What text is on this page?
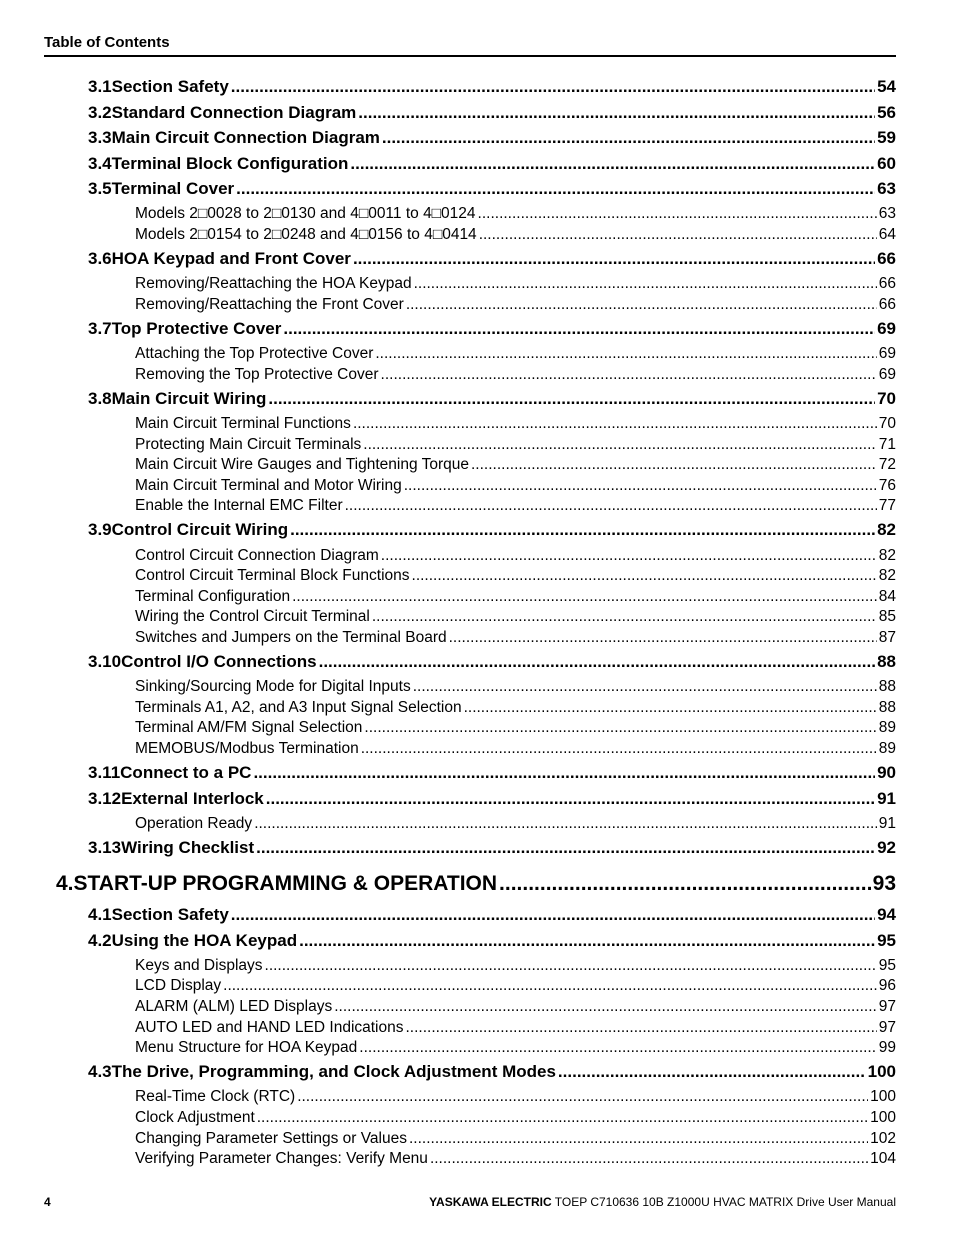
Table of Contents
3.1 Section Safety .....	54
3.2 Standard Connection Diagram .....	56
3.3 Main Circuit Connection Diagram .....	59
3.4 Terminal Block Configuration .....	60
3.5 Terminal Cover .....	63
Models 2□0028 to 2□0130 and 4□0011 to 4□0124 .....	63
Models 2□0154 to 2□0248 and 4□0156 to 4□0414 .....	64
3.6 HOA Keypad and Front Cover .....	66
Removing/Reattaching the HOA Keypad .....	66
Removing/Reattaching the Front Cover .....	66
3.7 Top Protective Cover .....	69
Attaching the Top Protective Cover .....	69
Removing the Top Protective Cover .....	69
3.8 Main Circuit Wiring .....	70
Main Circuit Terminal Functions .....	70
Protecting Main Circuit Terminals .....	71
Main Circuit Wire Gauges and Tightening Torque .....	72
Main Circuit Terminal and Motor Wiring .....	76
Enable the Internal EMC Filter .....	77
3.9 Control Circuit Wiring .....	82
Control Circuit Connection Diagram .....	82
Control Circuit Terminal Block Functions .....	82
Terminal Configuration .....	84
Wiring the Control Circuit Terminal .....	85
Switches and Jumpers on the Terminal Board .....	87
3.10 Control I/O Connections .....	88
Sinking/Sourcing Mode for Digital Inputs .....	88
Terminals A1, A2, and A3 Input Signal Selection .....	88
Terminal AM/FM Signal Selection .....	89
MEMOBUS/Modbus Termination .....	89
3.11 Connect to a PC .....	90
3.12 External Interlock .....	91
Operation Ready .....	91
3.13 Wiring Checklist .....	92
4. START-UP PROGRAMMING & OPERATION .....	93
4.1 Section Safety .....	94
4.2 Using the HOA Keypad .....	95
Keys and Displays .....	95
LCD Display .....	96
ALARM (ALM) LED Displays .....	97
AUTO LED and HAND LED Indications .....	97
Menu Structure for HOA Keypad .....	99
4.3 The Drive, Programming, and Clock Adjustment Modes .....	100
Real-Time Clock (RTC) .....	100
Clock Adjustment .....	100
Changing Parameter Settings or Values .....	102
Verifying Parameter Changes: Verify Menu .....	104
4	YASKAWA ELECTRIC TOEP C710636 10B Z1000U HVAC MATRIX Drive User Manual
